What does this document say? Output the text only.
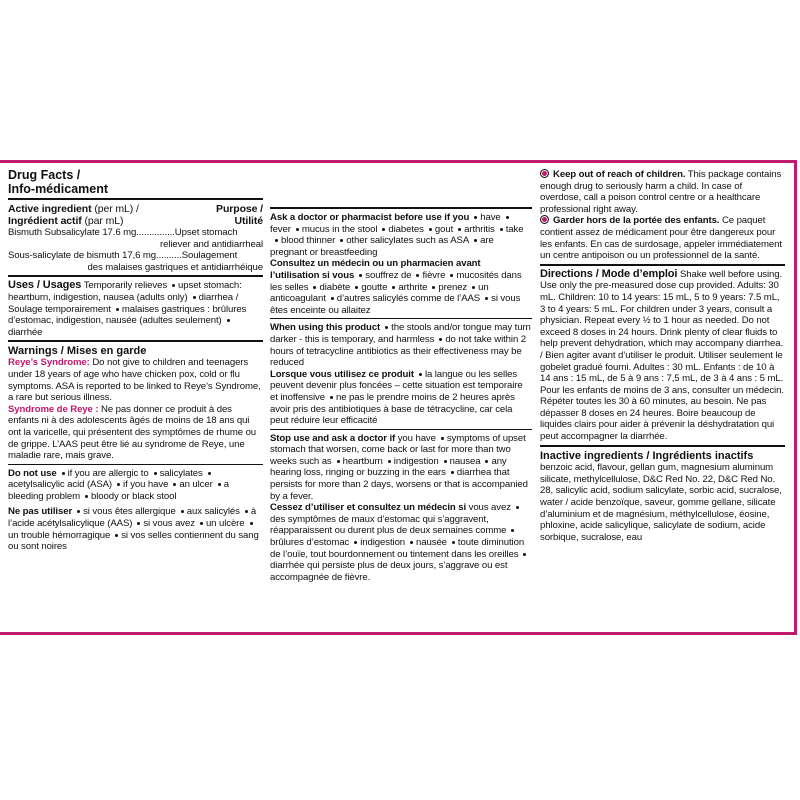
Drug Facts /
Info-médicament
Active ingredient (per mL) /
Ingrédient actif (par mL)
Purpose /
Utilité
Bismuth Subsalicylate 17.6 mg...............Upset stomach
reliever and antidiarrheal
Sous-salicylate de bismuth 17,6 mg..........Soulagement
des malaises gastriques et antidiarrhéique
Uses / Usages Temporarily relieves upset stomach: heartburn, indigestion, nausea (adults only) diarrhea / Soulage temporairement malaises gastriques : brûlures d’estomac, indigestion, nausée (adultes seulement)diarrhée
Warnings / Mises en garde
Reye’s Syndrome: Do not give to children and teenagers under 18 years of age who have chicken pox, cold or flu symptoms. ASA is reported to be linked to Reye’s Syndrome, a rare but serious illness.
Syndrome de Reye : Ne pas donner ce produit à des enfants ni à des adolescents âgés de moins de 18 ans qui ont la varicelle, qui présentent des symptômes de rhume ou de grippe. L’AAS peut être lié au syndrome de Reye, une maladie rare, mais grave.
Do not use if you are allergic to salicylatesacetylsalicylic acid (ASA) if you have an ulcer a bleeding problem bloody or black stool
Ne pas utiliser si vous êtes allergique aux salicylés à l’acide acétylsalicylique (AAS) si vous avez un ulcèreun trouble hémorragique si vos selles contiennent du sang ou sont noires
Ask a doctor or pharmacist before use if you havefever mucus in the stool diabetes gout arthritis takeblood thinner other salicylates such as ASA are pregnant or breastfeeding
Consultez un médecin ou un pharmacien avant l’utilisation si vous souffrez de fièvre mucosités dans les selles diabète goutte arthrite prenez un anticoagulant d’autres salicylés comme de l’AAS si vous êtes enceinte ou allaitez
When using this product the stools and/or tongue may turn darker - this is temporary, and harmless do not take within 2 hours of tetracycline antibiotics as their effectiveness may be reduced
Lorsque vous utilisez ce produit la langue ou les selles peuvent devenir plus foncées – cette situation est temporaire et inoffensive ne pas le prendre moins de 2 heures après avoir pris des antibiotiques à base de tétracycline, car cela peut réduire leur efficacité
Stop use and ask a doctor if you have symptoms of upset stomach that worsen, come back or last for more than two weeks such as heartburn indigestion nausea any hearing loss, ringing or buzzing in the ears diarrhea that persists for more than 2 days, worsens or that is accompanied by a fever.
Cessez d’utiliser et consultez un médecin si vous avezdes symptômes de maux d’estomac qui s’aggravent, réapparaissent ou durent plus de deux semaines commebrûlures d’estomac indigestion nausée toute diminution de l’ouïe, tout bourdonnement ou tintement dans les oreillesdiarrhée qui persiste plus de deux jours, s’aggrave ou est accompagnée de fièvre.
Keep out of reach of children. This package contains enough drug to seriously harm a child. In case of overdose, call a poison control centre or a healthcare professional right away.
Garder hors de la portée des enfants. Ce paquet contient assez de médicament pour être dangereux pour les enfants. En cas de surdosage, appeler immédiatement un centre antipoison ou un professionnel de la santé.
Directions / Mode d’emploi Shake well before using. Use only the pre-measured dose cup provided. Adults: 30 mL. Children: 10 to 14 years: 15 mL, 5 to 9 years: 7.5 mL, 3 to 4 years: 5 mL. For children under 3 years, consult a physician. Repeat every ½ to 1 hour as needed. Do not exceed 8 doses in 24 hours. Drink plenty of clear fluids to help prevent dehydration, which may accompany diarrhea. / Bien agiter avant d’utiliser le produit. Utiliser seulement le gobelet gradué fourni. Adultes : 30 mL. Enfants : de 10 à 14 ans : 15 mL, de 5 à 9 ans : 7,5 mL, de 3 à 4 ans : 5 mL. Pour les enfants de moins de 3 ans, consulter un médecin. Répéter toutes les 30 à 60 minutes, au besoin. Ne pas dépasser 8 doses en 24 heures. Boire beaucoup de liquides clairs pour aider à prévenir la déshydratation qui peut accompagner la diarrhée.
Inactive ingredients / Ingrédients inactifs
benzoic acid, flavour, gellan gum, magnesium aluminum silicate, methylcellulose, D&C Red No. 22, D&C Red No. 28, salicylic acid, sodium salicylate, sorbic acid, sucralose, water / acide benzoïque, saveur, gomme gellane, silicate d’aluminium et de magnésium, méthylcellulose, éosine, phloxine, acide salicylique, salicylate de sodium, acide sorbique, sucralose, eau
